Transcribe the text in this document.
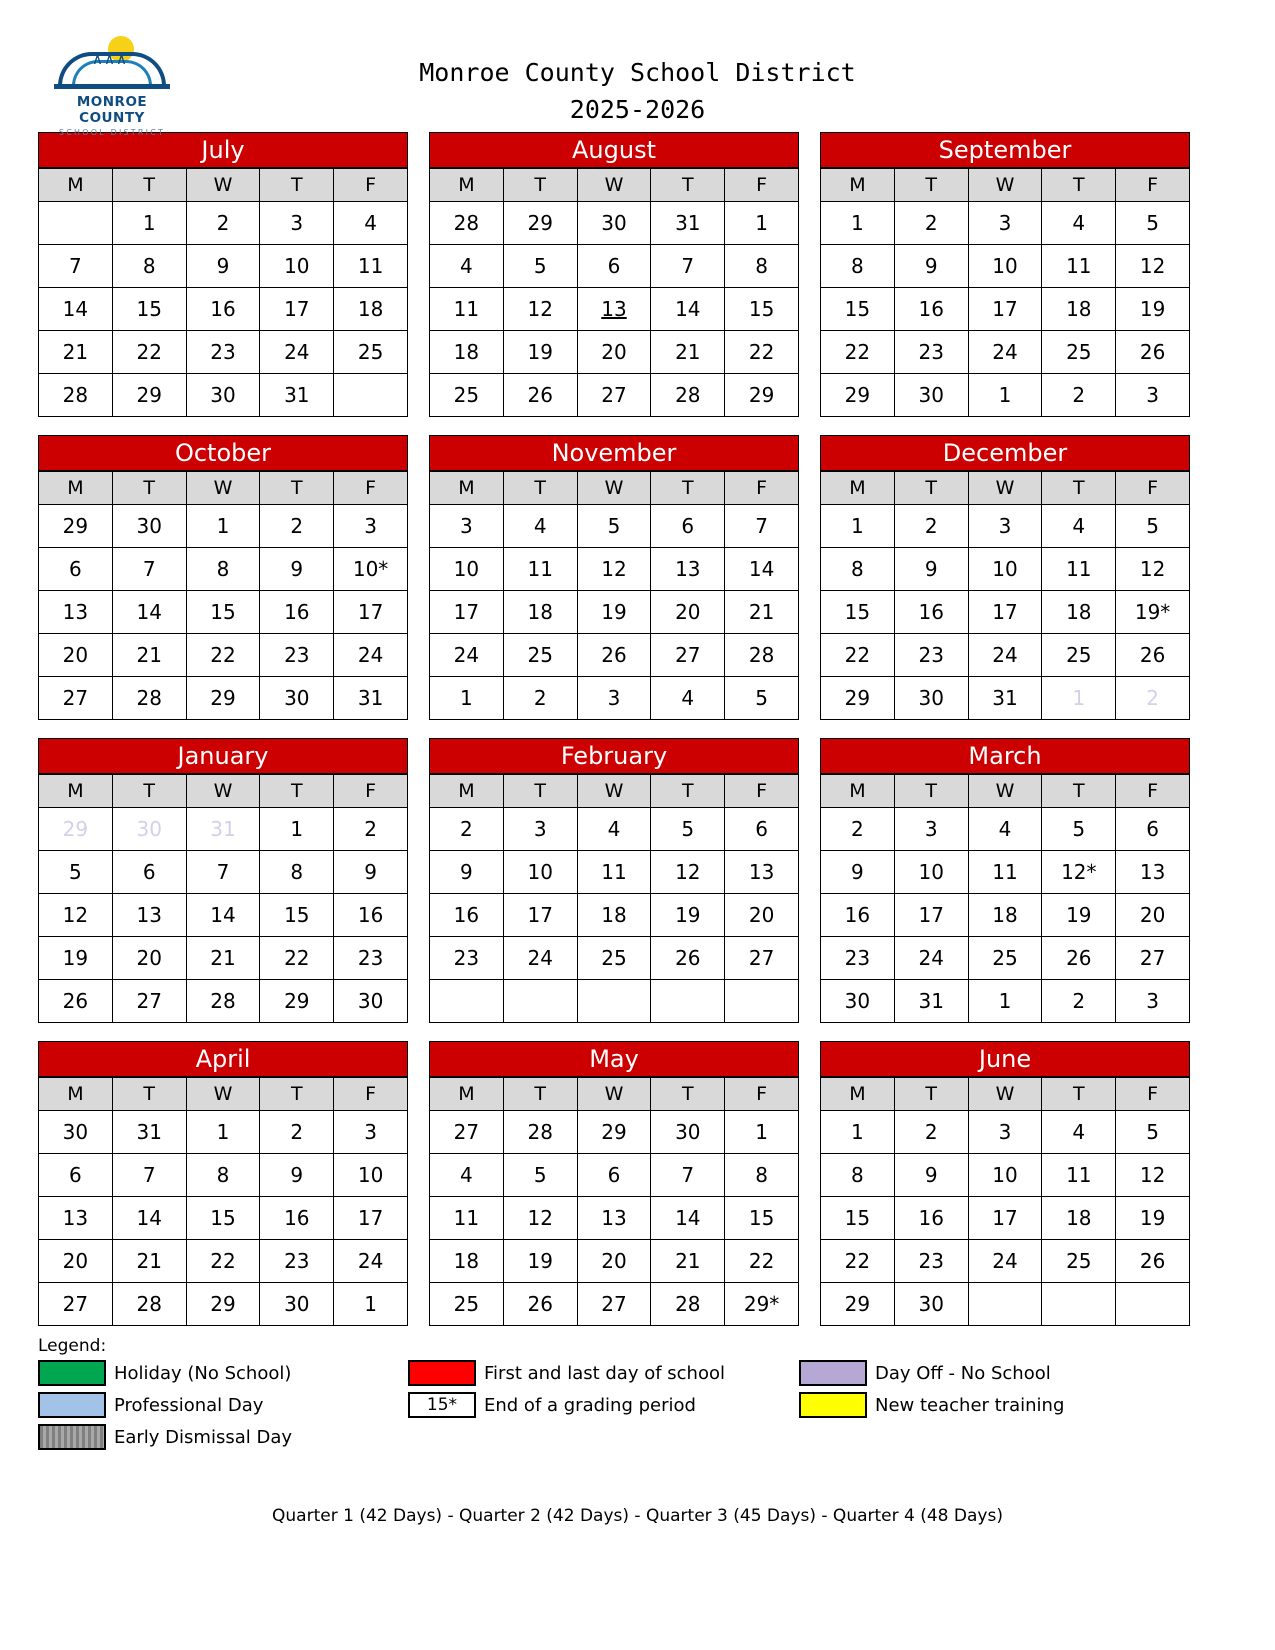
∧∧∧
MONROE COUNTY
SCHOOL DISTRICT
Monroe County School District
2025-2026
July
M	T	W	T	F
	1	2	3	4
7	8	9	10	11
14	15	16	17	18
21	22	23	24	25
28	29	30	31	
August
M	T	W	T	F
28	29	30	31	1
4	5	6	7	8
11	12	13	14	15
18	19	20	21	22
25	26	27	28	29
September
M	T	W	T	F
1	2	3	4	5
8	9	10	11	12
15	16	17	18	19
22	23	24	25	26
29	30	1	2	3
October
M	T	W	T	F
29	30	1	2	3
6	7	8	9	10*
13	14	15	16	17
20	21	22	23	24
27	28	29	30	31
November
M	T	W	T	F
3	4	5	6	7
10	11	12	13	14
17	18	19	20	21
24	25	26	27	28
1	2	3	4	5
December
M	T	W	T	F
1	2	3	4	5
8	9	10	11	12
15	16	17	18	19*
22	23	24	25	26
29	30	31	1	2
January
M	T	W	T	F
29	30	31	1	2
5	6	7	8	9
12	13	14	15	16
19	20	21	22	23
26	27	28	29	30
February
M	T	W	T	F
2	3	4	5	6
9	10	11	12	13
16	17	18	19	20
23	24	25	26	27

March
M	T	W	T	F
2	3	4	5	6
9	10	11	12*	13
16	17	18	19	20
23	24	25	26	27
30	31	1	2	3
April
M	T	W	T	F
30	31	1	2	3
6	7	8	9	10
13	14	15	16	17
20	21	22	23	24
27	28	29	30	1
May
M	T	W	T	F
27	28	29	30	1
4	5	6	7	8
11	12	13	14	15
18	19	20	21	22
25	26	27	28	29*
June
M	T	W	T	F
1	2	3	4	5
8	9	10	11	12
15	16	17	18	19
22	23	24	25	26
29	30			
Legend:
Holiday (No School)
Professional Day
Early Dismissal Day
First and last day of school
15* End of a grading period
Day Off - No School
New teacher training
Quarter 1 (42 Days) - Quarter 2 (42 Days) - Quarter 3 (45 Days) - Quarter 4 (48 Days)
